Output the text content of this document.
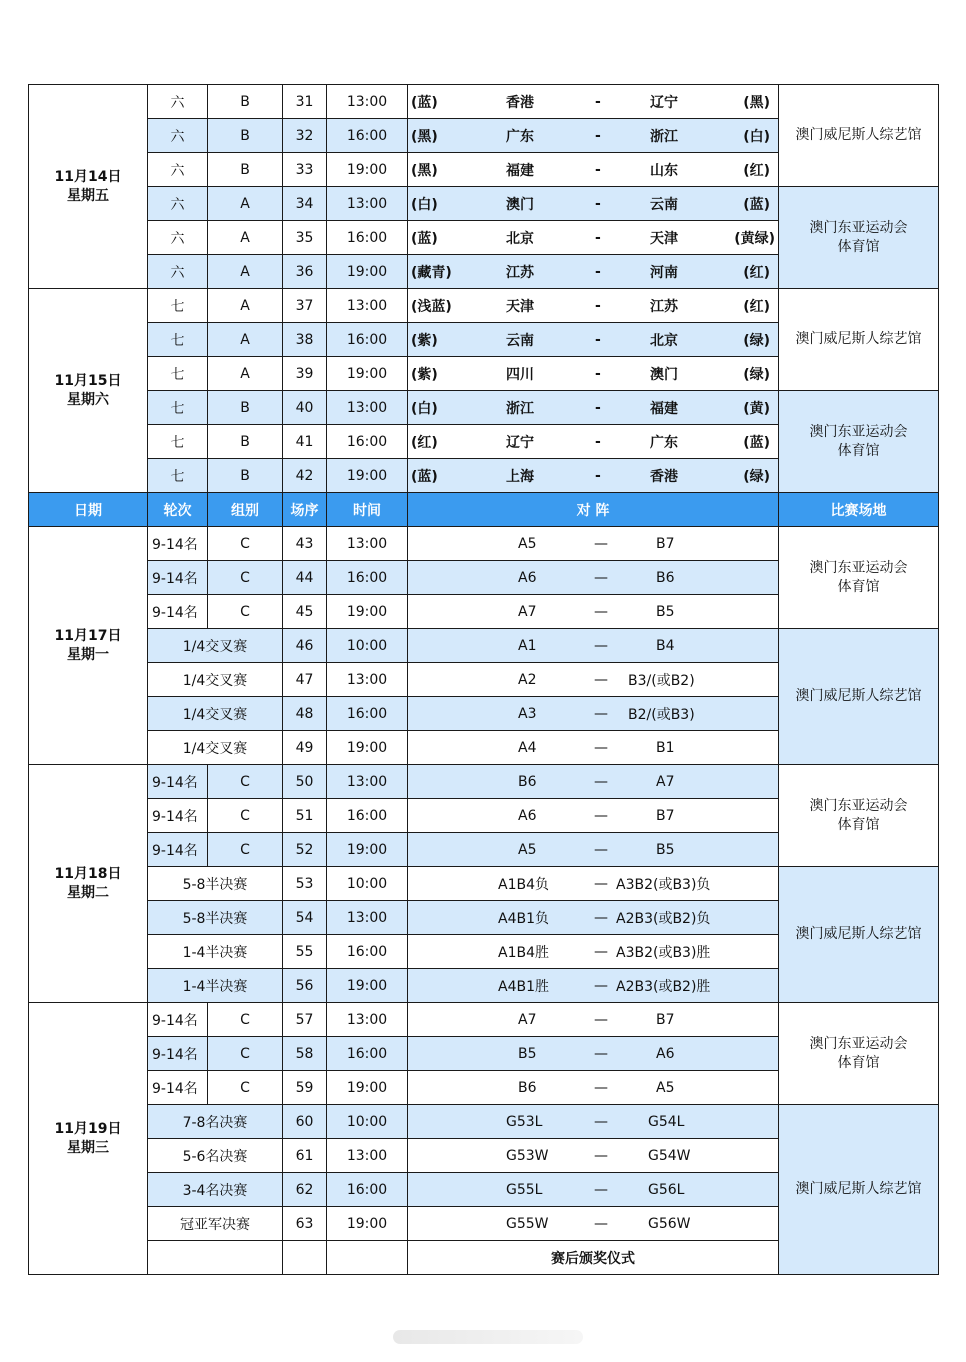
11月14日
星期五	六	B	31	13:00	(蓝) 香港 - 辽宁 (黑)	澳门威尼斯人综艺馆
	六	B	32	16:00	(黑) 广东 - 浙江 (白)	

	六	B	33	19:00	(黑) 福建 - 山东 (红)	

	六	A	34	13:00	(白) 澳门 - 云南 (蓝)	澳门东亚运动会
体育馆
	六	A	35	16:00	(蓝) 北京 - 天津 (黄绿)	

	六	A	36	19:00	(藏青) 江苏 - 河南 (红)	

11月15日
星期六	七	A	37	13:00	(浅蓝) 天津 - 江苏 (红)	澳门威尼斯人综艺馆
	七	A	38	16:00	(紫) 云南 - 北京 (绿)	

	七	A	39	19:00	(紫) 四川 - 澳门 (绿)	

	七	B	40	13:00	(白) 浙江 - 福建 (黄)	澳门东亚运动会
体育馆
	七	B	41	16:00	(红) 辽宁 - 广东 (蓝)	

	七	B	42	19:00	(蓝) 上海 - 香港 (绿)	

日期	轮次	组别	场序	时间	对 阵	比赛场地
11月17日
星期一	9-14名	C	43	13:00	A5 — B7	澳门东亚运动会
体育馆
	9-14名	C	44	16:00	A6 — B6	

	9-14名	C	45	19:00	A7 — B5	

	1/4交叉赛		46	10:00	A1 — B4	澳门威尼斯人综艺馆
	1/4交叉赛		47	13:00	A2 — B3/(或B2)	

	1/4交叉赛		48	16:00	A3 — B2/(或B3)	

	1/4交叉赛		49	19:00	A4 — B1	

11月18日
星期二	9-14名	C	50	13:00	B6 — A7	澳门东亚运动会
体育馆
	9-14名	C	51	16:00	A6 — B7	

	9-14名	C	52	19:00	A5 — B5	

	5-8半决赛		53	10:00	A1B4负 — A3B2(或B3)负	澳门威尼斯人综艺馆
	5-8半决赛		54	13:00	A4B1负 — A2B3(或B2)负	

	1-4半决赛		55	16:00	A1B4胜 — A3B2(或B3)胜	

	1-4半决赛		56	19:00	A4B1胜 — A2B3(或B2)胜	

11月19日
星期三	9-14名	C	57	13:00	A7 — B7	澳门东亚运动会
体育馆
	9-14名	C	58	16:00	B5 — A6	

	9-14名	C	59	19:00	B6 — A5	

	7-8名决赛		60	10:00	G53L — G54L	澳门威尼斯人综艺馆
	5-6名决赛		61	13:00	G53W — G54W	

	3-4名决赛		62	16:00	G55L — G56L	

	冠亚军决赛		63	19:00	G55W — G56W	

					赛后颁奖仪式	
